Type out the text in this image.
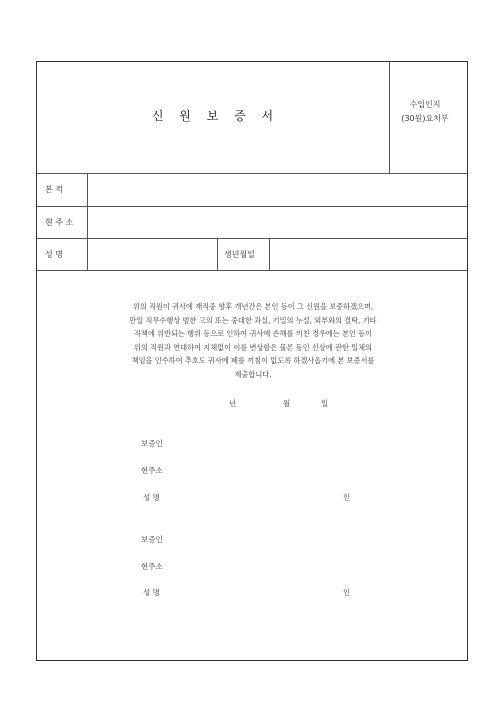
신 원 보 증 서
수입인지
(30원)요처부
본 적
현 주 소
성 명	생년월일
위의 직원이 귀사에 재직중 향후 개년간은 본인 등이 그 신원을 보증하겠으며,
만일 직무수행상 범한 고의 또는 중대한 과실, 기밀의 누설, 외부와의 결탁, 기타
직책에 위반되는 행위 등으로 인하여 귀사에 손해를 끼친 경우에는 본인 등이
위의 직원과 연대하여 지체없이 이를 변상함은 물론 동인 신상에 관한 일체의
책임을 인수하여 추호도 귀사에 폐를 끼침이 없도록 하겠사옵기에 본 보증서를
제출합니다.
년	월	일
보증인
현주소
성 명	인
보증인
현주소
성 명	인
